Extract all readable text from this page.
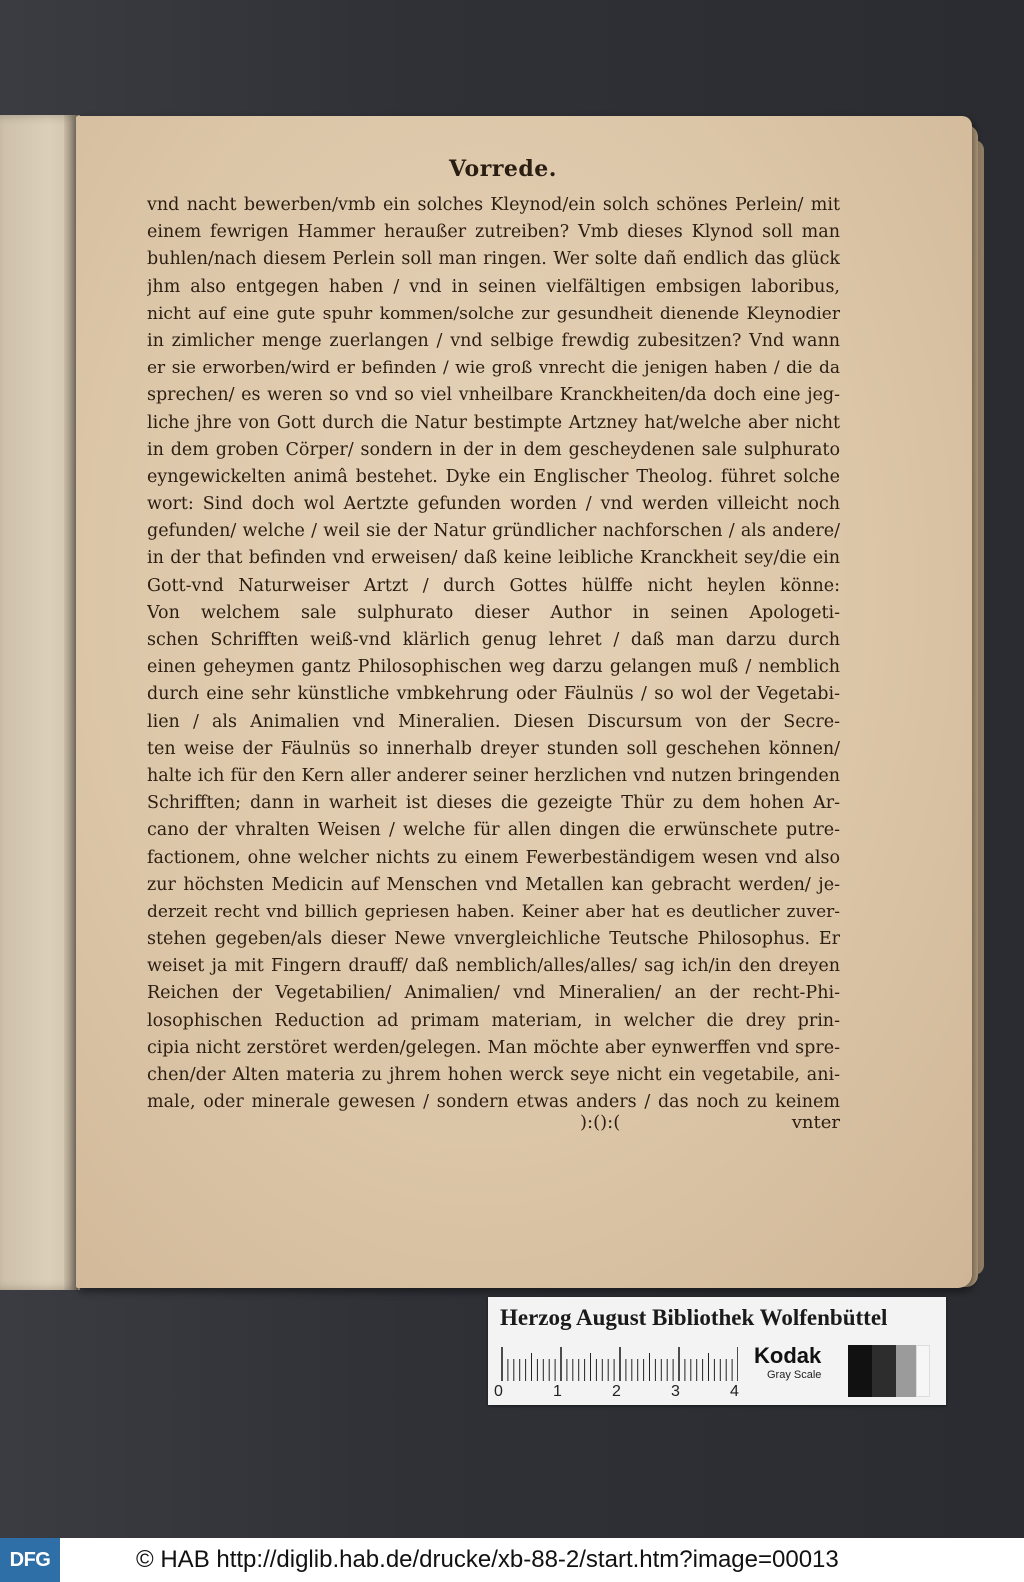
Vorrede.
vnd nacht bewerben/vmb ein solches Kleynod/ein solch schönes Perlein/ mit
einem fewrigen Hammer heraußer zutreiben? Vmb dieses Klynod soll man
buhlen/nach diesem Perlein soll man ringen. Wer solte dañ endlich das glück
jhm also entgegen haben / vnd in seinen vielfältigen embsigen laboribus,
nicht auf eine gute spuhr kommen/solche zur gesundheit dienende Kleynodier
in zimlicher menge zuerlangen / vnd selbige frewdig zubesitzen? Vnd wann
er sie erworben/wird er befinden / wie groß vnrecht die jenigen haben / die da
sprechen/ es weren so vnd so viel vnheilbare Kranckheiten/da doch eine jeg-
liche jhre von Gott durch die Natur bestimpte Artzney hat/welche aber nicht
in dem groben Cörper/ sondern in der in dem gescheydenen sale sulphurato
eyngewickelten animâ bestehet. Dyke ein Englischer Theolog. führet solche
wort: Sind doch wol Aertzte gefunden worden / vnd werden villeicht noch
gefunden/ welche / weil sie der Natur gründlicher nachforschen / als andere/
in der that befinden vnd erweisen/ daß keine leibliche Kranckheit sey/die ein
Gott-vnd Naturweiser Artzt / durch Gottes hülffe nicht heylen könne:
Von welchem sale sulphurato dieser Author in seinen Apologeti-
schen Schrifften weiß-vnd klärlich genug lehret / daß man darzu durch
einen geheymen gantz Philosophischen weg darzu gelangen muß / nemblich
durch eine sehr künstliche vmbkehrung oder Fäulnüs / so wol der Vegetabi-
lien / als Animalien vnd Mineralien. Diesen Discursum von der Secre-
ten weise der Fäulnüs so innerhalb dreyer stunden soll geschehen können/
halte ich für den Kern aller anderer seiner herzlichen vnd nutzen bringenden
Schrifften; dann in warheit ist dieses die gezeigte Thür zu dem hohen Ar-
cano der vhralten Weisen / welche für allen dingen die erwünschete putre-
factionem, ohne welcher nichts zu einem Fewerbeständigem wesen vnd also
zur höchsten Medicin auf Menschen vnd Metallen kan gebracht werden/ je-
derzeit recht vnd billich gepriesen haben. Keiner aber hat es deutlicher zuver-
stehen gegeben/als dieser Newe vnvergleichliche Teutsche Philosophus. Er
weiset ja mit Fingern drauff/ daß nemblich/alles/alles/ sag ich/in den dreyen
Reichen der Vegetabilien/ Animalien/ vnd Mineralien/ an der recht-Phi-
losophischen Reduction ad primam materiam, in welcher die drey prin-
cipia nicht zerstöret werden/gelegen. Man möchte aber eynwerffen vnd spre-
chen/der Alten materia zu jhrem hohen werck seye nicht ein vegetabile, ani-
male, oder minerale gewesen / sondern etwas anders / das noch zu keinem
):():(	vnter
Herzog August Bibliothek Wolfenbüttel
0	1	2	3	4
Kodak
Gray Scale
DFG	© HAB http://diglib.hab.de/drucke/xb-88-2/start.htm?image=00013
